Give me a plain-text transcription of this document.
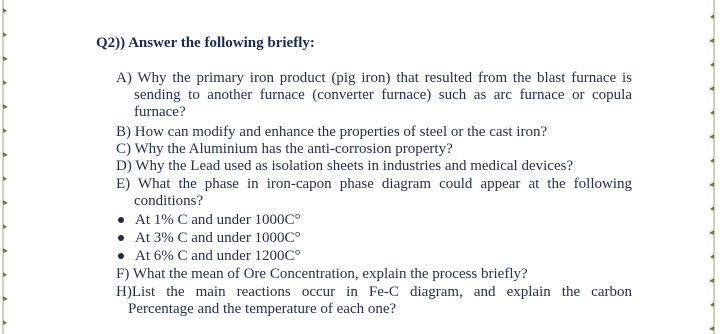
Q2)) Answer the following briefly:
A) Why the primary iron product (pig iron) that resulted from the blast furnace is
sending to another furnace (converter furnace) such as arc furnace or copula
furnace?
B) How can modify and enhance the properties of steel or the cast iron?
C) Why the Aluminium has the anti-corrosion property?
D) Why the Lead used as isolation sheets in industries and medical devices?
E) What the phase in iron-capon phase diagram could appear at the following
conditions?
At 1% C and under 1000C°
At 3% C and under 1000C°
At 6% C and under 1200C°
F) What the mean of Ore Concentration, explain the process briefly?
H)List the main reactions occur in Fe-C diagram, and explain the carbon
Percentage and the temperature of each one?
